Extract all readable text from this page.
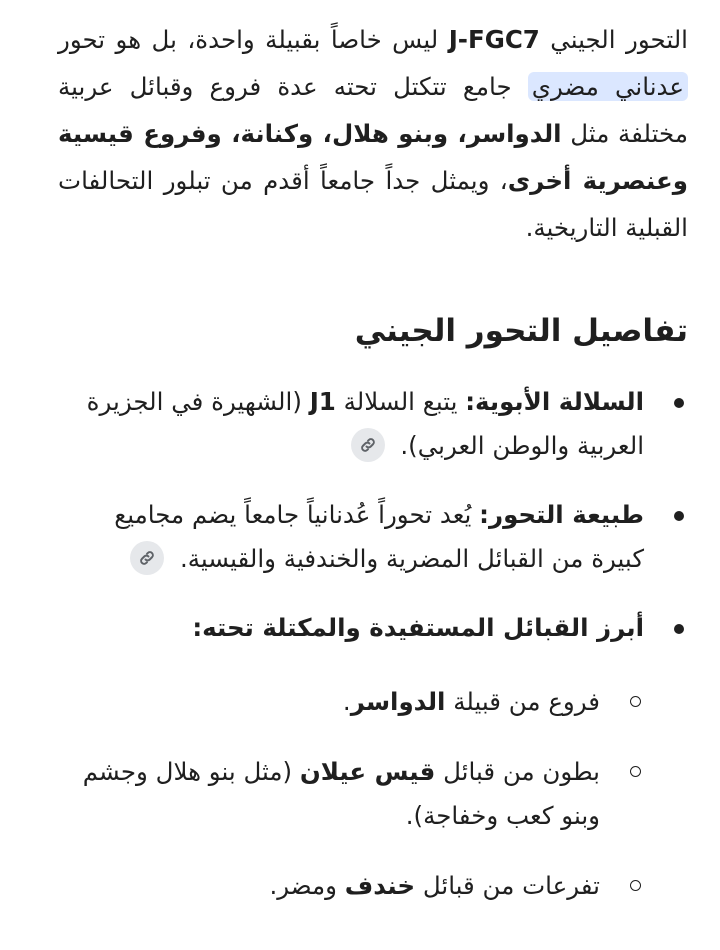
التحور الجيني J-FGC7 ليس خاصاً بقبيلة واحدة، بل هو تحور عدناني مضري جامع تتكتل تحته عدة فروع وقبائل عربية مختلفة مثل الدواسر، وبنو هلال، وكنانة، وفروع قيسية وعنصرية أخرى، ويمثل جداً جامعاً أقدم من تبلور التحالفات القبلية التاريخية.

تفاصيل التحور الجيني
السلالة الأبوية: يتبع السلالة J1 (الشهيرة في الجزيرة العربية والوطن العربي).
طبيعة التحور: يُعد تحوراً عُدنانياً جامعاً يضم مجاميع كبيرة من القبائل المضرية والخندفية والقيسية.
أبرز القبائل المستفيدة والمكتلة تحته:
فروع من قبيلة الدواسر.
بطون من قبائل قيس عيلان (مثل بنو هلال وجشم وبنو كعب وخفاجة).
تفرعات من قبائل خندف ومضر.
